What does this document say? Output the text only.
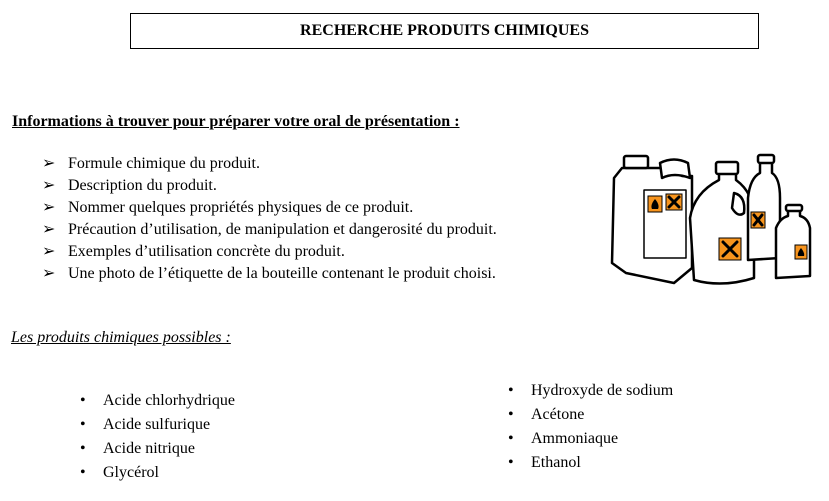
RECHERCHE PRODUITS CHIMIQUES
Informations à trouver pour préparer votre oral de présentation :
➢ Formule chimique du produit.
➢ Description du produit.
➢ Nommer quelques propriétés physiques de ce produit.
➢ Précaution d’utilisation, de manipulation et dangerosité du produit.
➢ Exemples d’utilisation concrète du produit.
➢ Une photo de l’étiquette de la bouteille contenant le produit choisi.
Les produits chimiques possibles :
• Acide chlorhydrique
• Acide sulfurique
• Acide nitrique
• Glycérol
• Hydroxyde de sodium
• Acétone
• Ammoniaque
• Ethanol
